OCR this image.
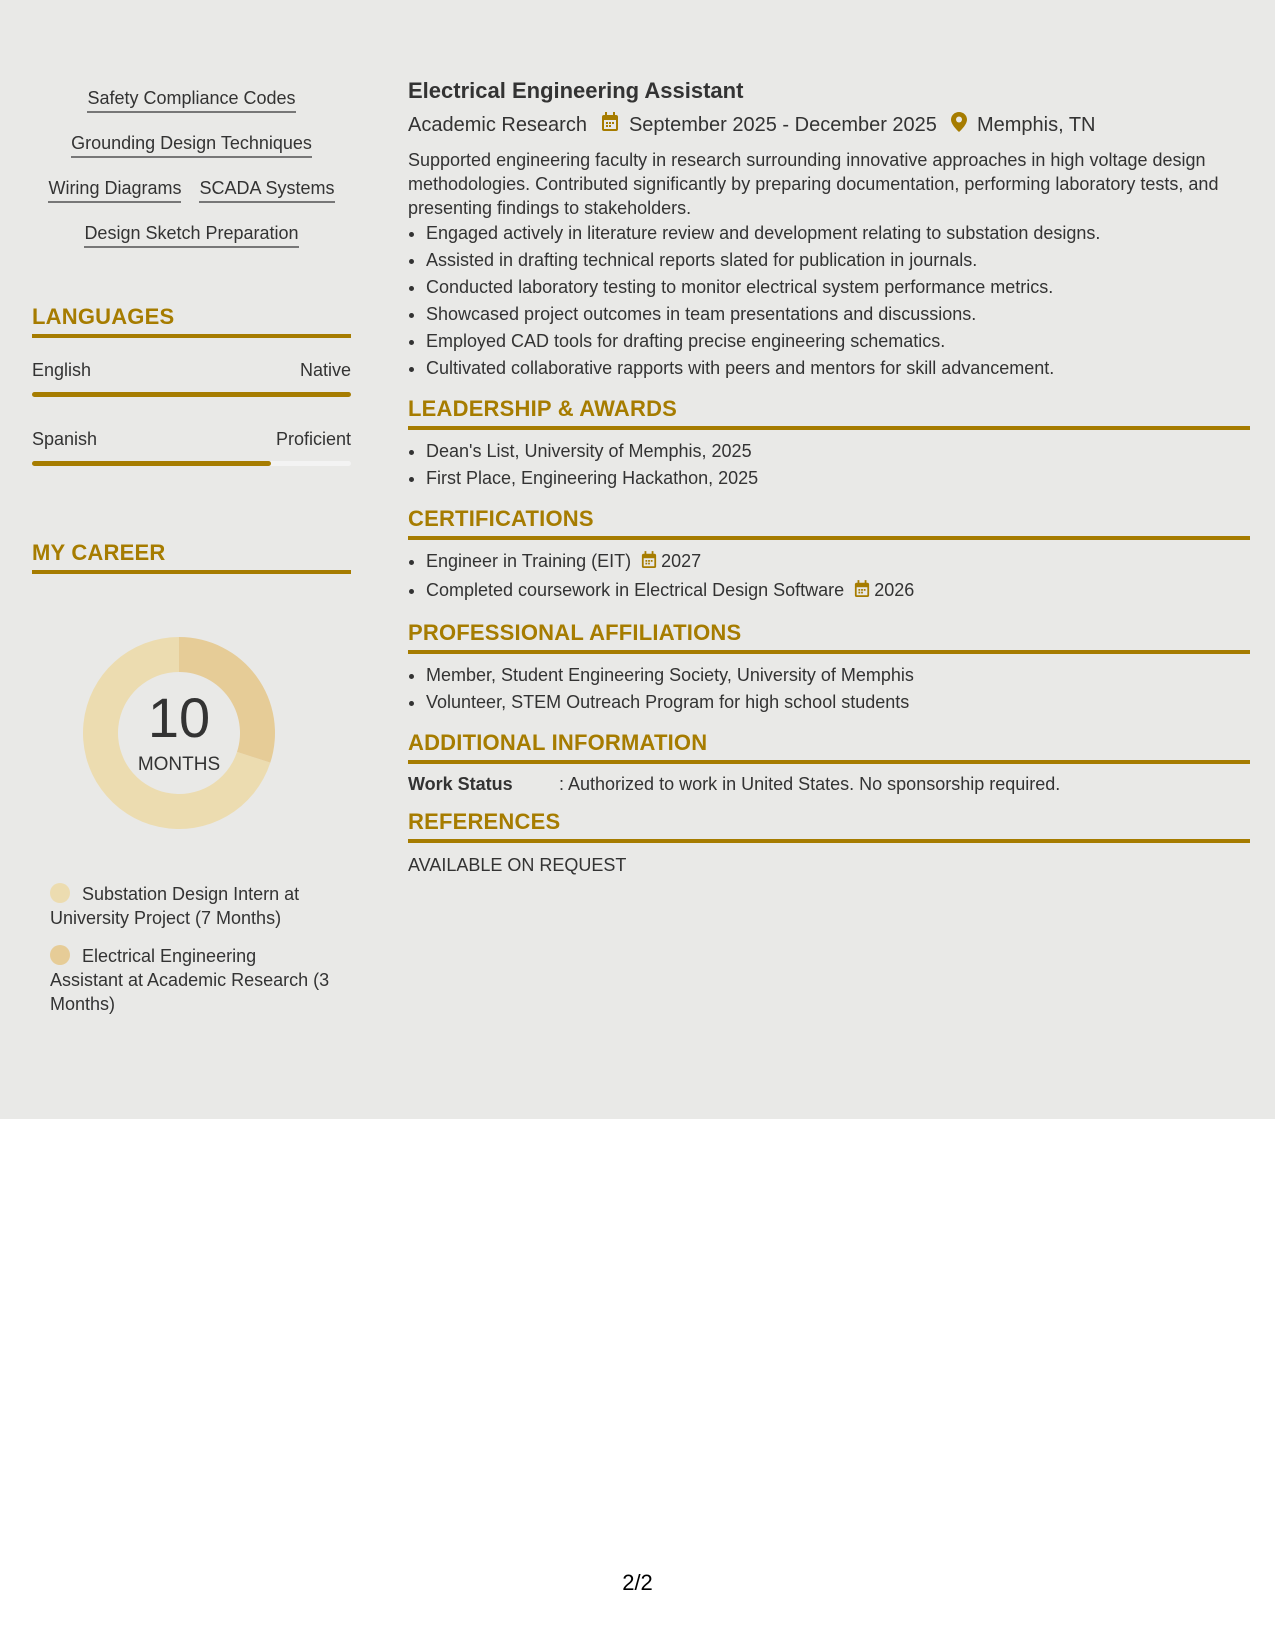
Safety Compliance Codes
Grounding Design Techniques
Wiring Diagrams SCADA Systems
Design Sketch Preparation
LANGUAGES
English	Native
Spanish	Proficient
MY CAREER
10
MONTHS
Substation Design Intern at University Project (7 Months)
Electrical Engineering Assistant at Academic Research (3 Months)
Electrical Engineering Assistant
Academic Research September 2025 - December 2025 Memphis, TN
Supported engineering faculty in research surrounding innovative approaches in high voltage design methodologies. Contributed significantly by preparing documentation, performing laboratory tests, and presenting findings to stakeholders.
• Engaged actively in literature review and development relating to substation designs.
• Assisted in drafting technical reports slated for publication in journals.
• Conducted laboratory testing to monitor electrical system performance metrics.
• Showcased project outcomes in team presentations and discussions.
• Employed CAD tools for drafting precise engineering schematics.
• Cultivated collaborative rapports with peers and mentors for skill advancement.
LEADERSHIP & AWARDS
• Dean's List, University of Memphis, 2025
• First Place, Engineering Hackathon, 2025
CERTIFICATIONS
• Engineer in Training (EIT) 2027
• Completed coursework in Electrical Design Software 2026
PROFESSIONAL AFFILIATIONS
• Member, Student Engineering Society, University of Memphis
• Volunteer, STEM Outreach Program for high school students
ADDITIONAL INFORMATION
Work Status	: Authorized to work in United States. No sponsorship required.
REFERENCES
AVAILABLE ON REQUEST
2/2
